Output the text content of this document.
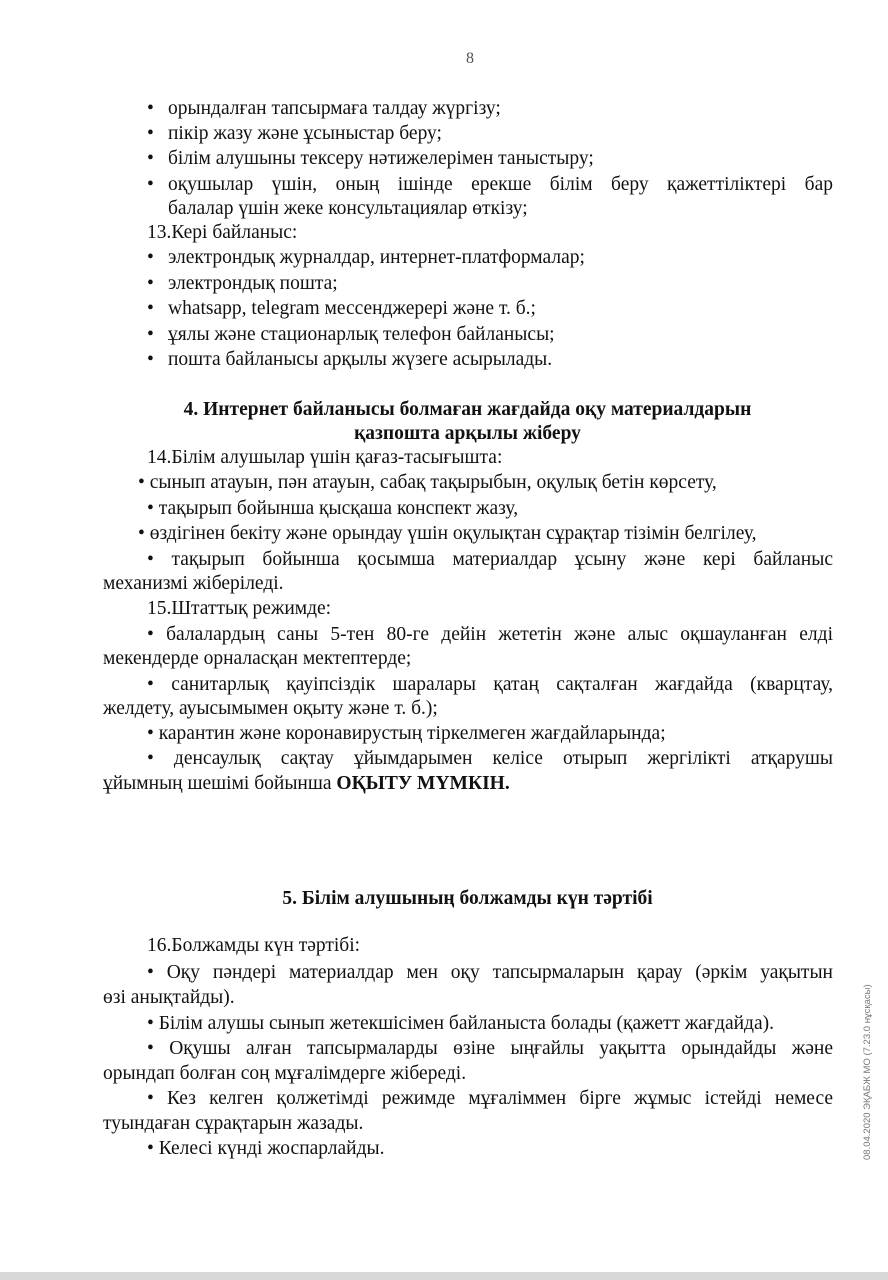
8
• орындалған тапсырмаға талдау жүргізу;
• пікір жазу және ұсыныстар беру;
• білім алушыны тексеру нәтижелерімен таныстыру;
• оқушылар үшін, оның ішінде ерекше білім беру қажеттіліктері бар
балалар үшін жеке консультациялар өткізу;
13.Кері байланыс:
• электрондық журналдар, интернет-платформалар;
• электрондық пошта;
• whatsapp, telegram мессенджерері және т. б.;
• ұялы және стационарлық телефон байланысы;
• пошта байланысы арқылы жүзеге асырылады.
4. Интернет байланысы болмаған жағдайда оқу материалдарын
қазпошта арқылы жіберу
14.Білім алушылар үшін қағаз-тасығышта:
• сынып атауын, пән атауын, сабақ тақырыбын, оқулық бетін көрсету,
• тақырып бойынша қысқаша конспект жазу,
• өздігінен бекіту және орындау үшін оқулықтан сұрақтар тізімін белгілеу,
• тақырып бойынша қосымша материалдар ұсыну және кері байланыс
механизмі жіберіледі.
15.Штаттық режимде:
• балалардың саны 5-тен 80-ге дейін жететін және алыс оқшауланған елді
мекендерде орналасқан мектептерде;
• санитарлық қауіпсіздік шаралары қатаң сақталған жағдайда (кварцтау,
желдету, ауысымымен оқыту және т. б.);
• карантин және коронавирустың тіркелмеген жағдайларында;
• денсаулық сақтау ұйымдарымен келісе отырып жергілікті атқарушы
ұйымның шешімі бойынша ОҚЫТУ МҮМКІН.
5. Білім алушының болжамды күн тәртібі
16.Болжамды күн тәртібі:
• Оқу пәндері материалдар мен оқу тапсырмаларын қарау (әркім уақытын
өзі анықтайды).
• Білім алушы сынып жетекшісімен байланыста болады (қажетт жағдайда).
• Оқушы алған тапсырмаларды өзіне ыңғайлы уақытта орындайды және
орындап болған соң мұғалімдерге жібереді.
• Кез келген қолжетімді режимде мұғаліммен бірге жұмыс істейді немесе
туындаған сұрақтарын жазады.
• Келесі күнді жоспарлайды.	08.04.2020 ЭҚАБЖ МО (7.23.0 нұсқасы)
